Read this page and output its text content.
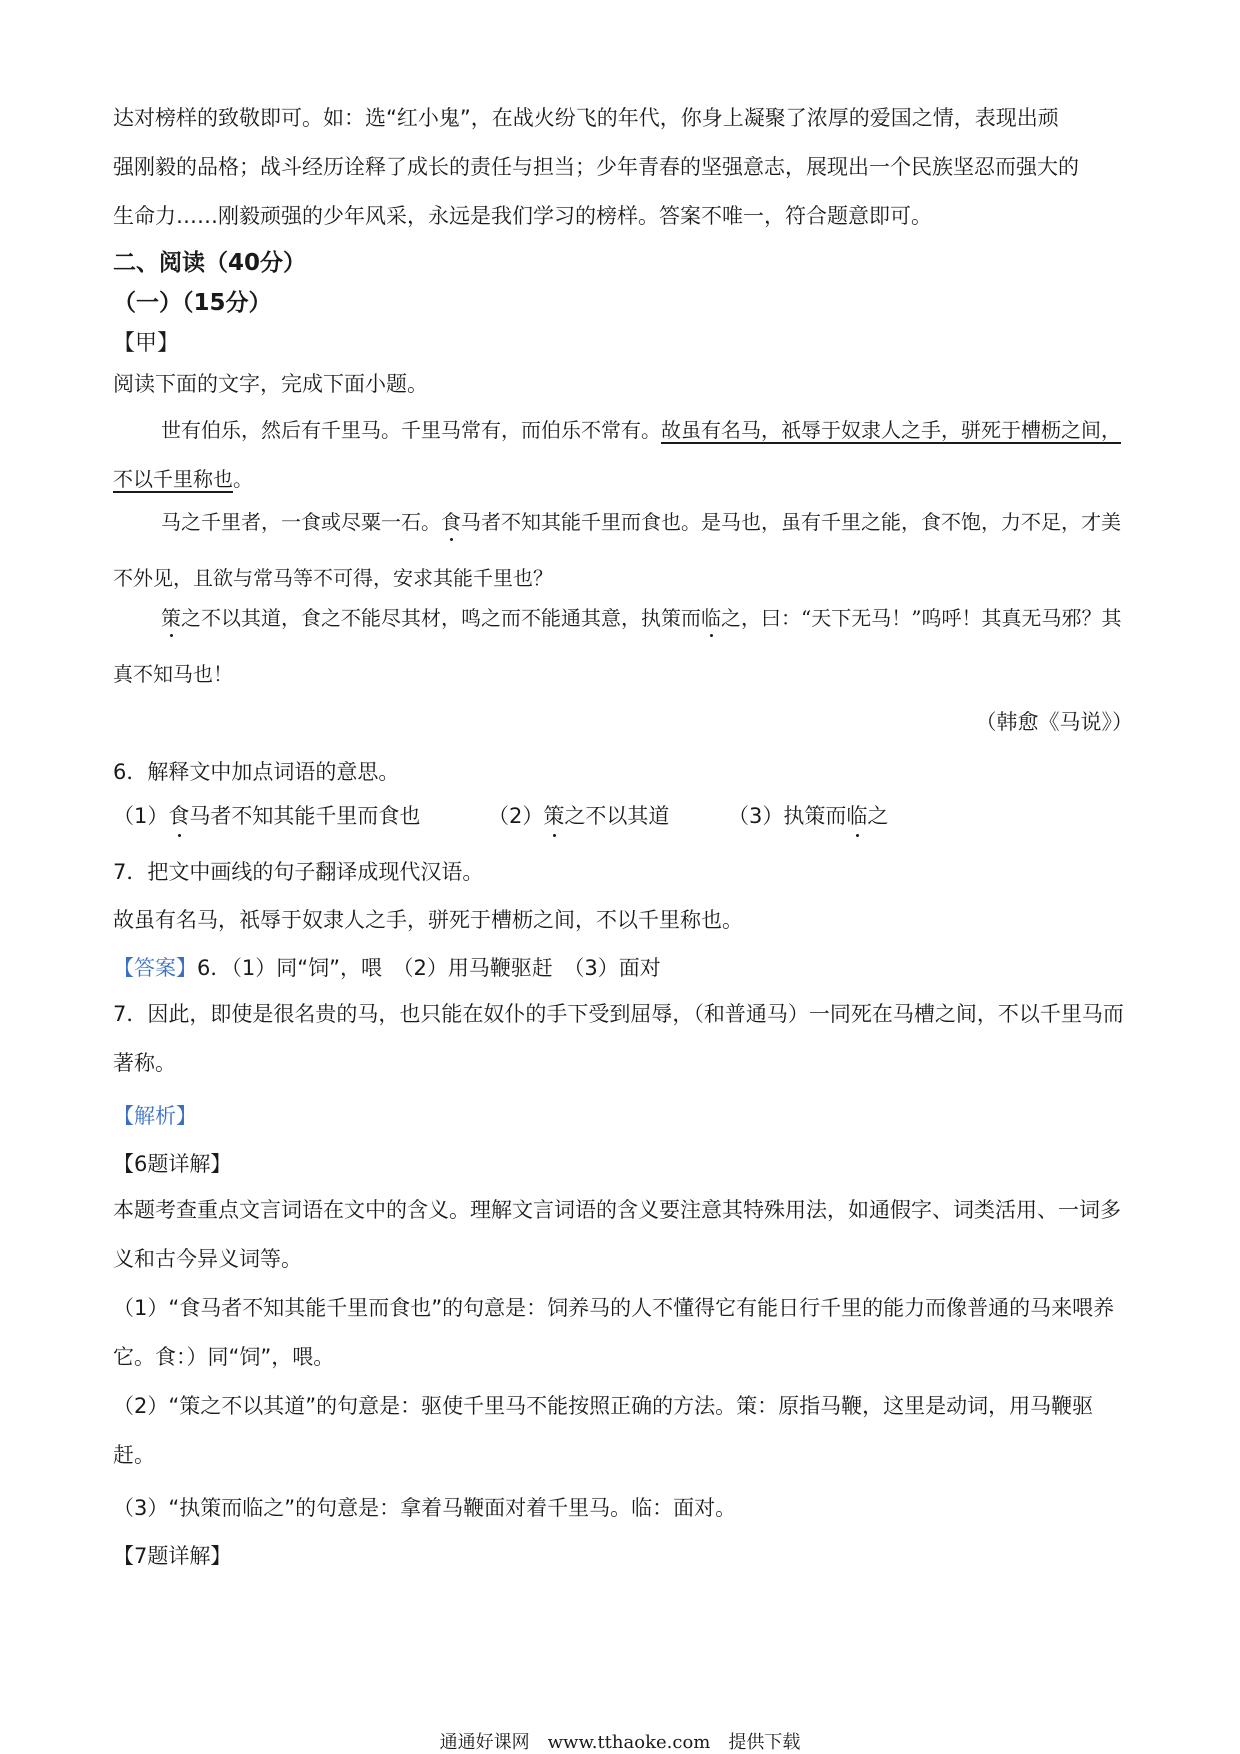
达对榜样的致敬即可。如：选“红小鬼”，在战火纷飞的年代，你身上凝聚了浓厚的爱国之情，表现出顽
强刚毅的品格；战斗经历诠释了成长的责任与担当；少年青春的坚强意志，展现出一个民族坚忍而强大的
生命力……刚毅顽强的少年风采，永远是我们学习的榜样。答案不唯一，符合题意即可。
二、阅读（40分）
（一）（15分）
【甲】
阅读下面的文字，完成下面小题。
世有伯乐，然后有千里马。千里马常有，而伯乐不常有。故虽有名马，祇辱于奴隶人之手，骈死于槽枥之间，不以千里称也。
马之千里者，一食或尽粟一石。食马者不知其能千里而食也。是马也，虽有千里之能，食不饱，力不足，才美不外见，且欲与常马等不可得，安求其能千里也？
策之不以其道，食之不能尽其材，鸣之而不能通其意，执策而临之，曰：“天下无马！”呜呼！其真无马邪？其真不知马也！
（韩愈《马说》）
6．解释文中加点词语的意思。
（1）食马者不知其能千里而食也	（2）策之不以其道	（3）执策而临之
7．把文中画线的句子翻译成现代汉语。
故虽有名马，祇辱于奴隶人之手，骈死于槽枥之间，不以千里称也。
【答案】6．（1）同“饲”，喂　（2）用马鞭驱赶　（3）面对
7．因此，即使是很名贵的马，也只能在奴仆的手下受到屈辱，（和普通马）一同死在马槽之间，不以千里马而著称。
【解析】
【6题详解】
本题考查重点文言词语在文中的含义。理解文言词语的含义要注意其特殊用法，如通假字、词类活用、一词多义和古今异义词等。
（1）“食马者不知其能千里而食也”的句意是：饲养马的人不懂得它有能日行千里的能力而像普通的马来喂养它。食：）同“饲”，喂。
（2）“策之不以其道”的句意是：驱使千里马不能按照正确的方法。策：原指马鞭，这里是动词，用马鞭驱赶。
（3）“执策而临之”的句意是：拿着马鞭面对着千里马。临：面对。
【7题详解】
通通好课网　www.tthaoke.com　提供下载
